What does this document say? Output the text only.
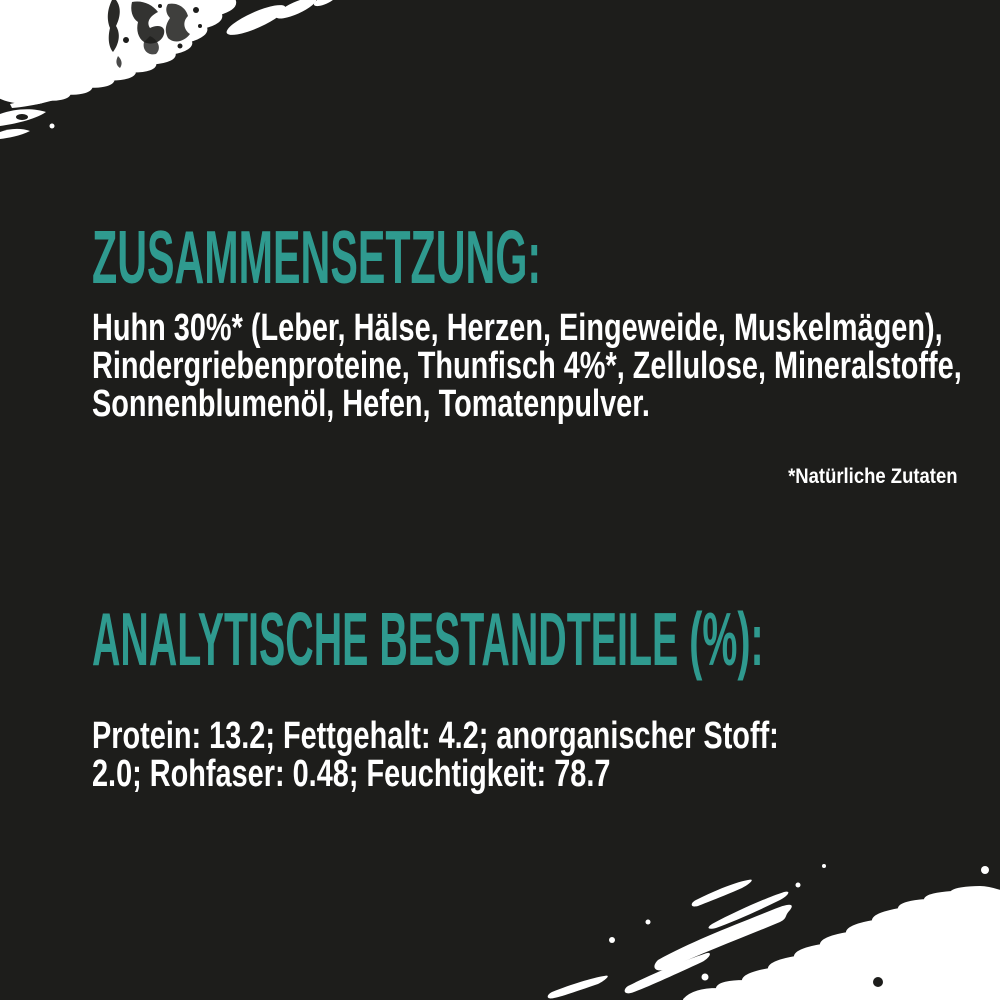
ZUSAMMENSETZUNG:
Huhn 30%* (Leber, Hälse, Herzen, Eingeweide, Muskelmägen),
Rindergriebenproteine, Thunfisch 4%*, Zellulose, Mineralstoffe,
Sonnenblumenöl, Hefen, Tomatenpulver.
*Natürliche Zutaten
ANALYTISCHE BESTANDTEILE (%):
Protein: 13.2; Fettgehalt: 4.2; anorganischer Stoff:
2.0; Rohfaser: 0.48; Feuchtigkeit: 78.7
